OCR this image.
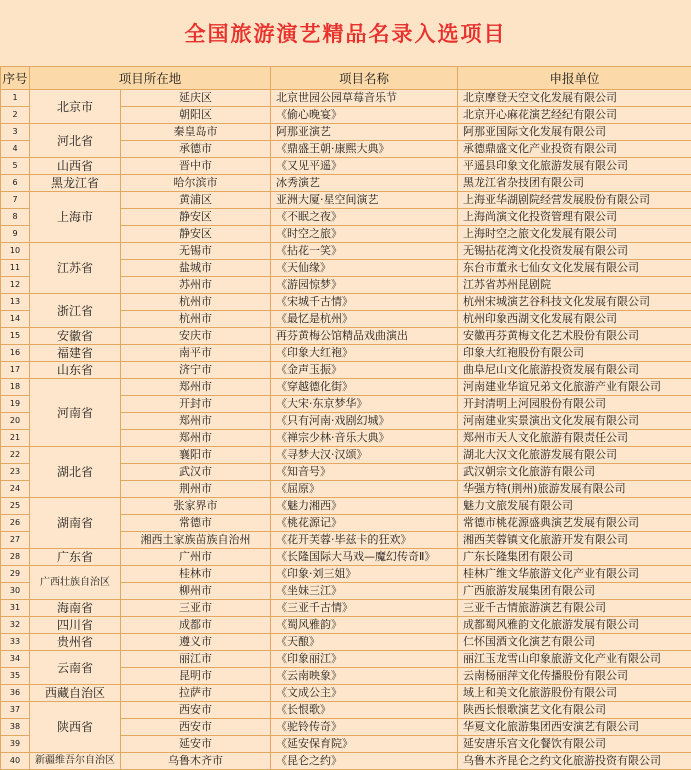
全国旅游演艺精品名录入选项目
序号	项目所在地		项目名称	申报单位
1	北京市	延庆区	北京世园公园草莓音乐节	北京摩登天空文化发展有限公司
2		朝阳区	《偷心晚宴》	北京开心麻花演艺经纪有限公司
3	河北省	秦皇岛市	阿那亚演艺	阿那亚国际文化发展有限公司
4		承德市	《鼎盛王朝·康熙大典》	承德鼎盛文化产业投资有限公司
5	山西省	晋中市	《又见平遥》	平遥县印象文化旅游发展有限公司
6	黑龙江省	哈尔滨市	冰秀演艺	黑龙江省杂技团有限公司
7	上海市	黄浦区	亚洲大厦·星空间演艺	上海亚华湖剧院经营发展股份有限公司
8		静安区	《不眠之夜》	上海尚演文化投资管理有限公司
9		静安区	《时空之旅》	上海时空之旅文化发展有限公司
10	江苏省	无锡市	《拈花一笑》	无锡拈花湾文化投资发展有限公司
11		盐城市	《天仙缘》	东台市董永七仙女文化发展有限公司
12		苏州市	《游园惊梦》	江苏省苏州昆剧院
13	浙江省	杭州市	《宋城千古情》	杭州宋城演艺谷科技文化发展有限公司
14		杭州市	《最忆是杭州》	杭州印象西湖文化发展有限公司
15	安徽省	安庆市	再芬黄梅公馆精品戏曲演出	安徽再芬黄梅文化艺术股份有限公司
16	福建省	南平市	《印象大红袍》	印象大红袍股份有限公司
17	山东省	济宁市	《金声玉振》	曲阜尼山文化旅游投资发展有限公司
18	河南省	郑州市	《穿越德化街》	河南建业华谊兄弟文化旅游产业有限公司
19		开封市	《大宋·东京梦华》	开封清明上河园股份有限公司
20		郑州市	《只有河南·戏剧幻城》	河南建业实景演出文化发展有限公司
21		郑州市	《禅宗少林·音乐大典》	郑州市天人文化旅游有限责任公司
22	湖北省	襄阳市	《寻梦大汉·汉颂》	湖北大汉文化旅游发展有限公司
23		武汉市	《知音号》	武汉朝宗文化旅游有限公司
24		荆州市	《屈原》	华强方特(荆州)旅游发展有限公司
25	湖南省	张家界市	《魅力湘西》	魅力文旅发展有限公司
26		常德市	《桃花源记》	常德市桃花源盛典演艺发展有限公司
27		湘西土家族苗族自治州	《花开芙蓉·毕兹卡的狂欢》	湘西芙蓉镇文化旅游开发有限公司
28	广东省	广州市	《长隆国际大马戏—魔幻传奇Ⅱ》	广东长隆集团有限公司
29	广西壮族自治区	桂林市	《印象·刘三姐》	桂林广维文华旅游文化产业有限公司
30		柳州市	《坐妹三江》	广西旅游发展集团有限公司
31	海南省	三亚市	《三亚千古情》	三亚千古情旅游演艺有限公司
32	四川省	成都市	《蜀风雅韵》	成都蜀风雅韵文化旅游发展有限公司
33	贵州省	遵义市	《天酿》	仁怀国酒文化演艺有限公司
34	云南省	丽江市	《印象丽江》	丽江玉龙雪山印象旅游文化产业有限公司
35		昆明市	《云南映象》	云南杨丽萍文化传播股份有限公司
36	西藏自治区	拉萨市	《文成公主》	域上和美文化旅游股份有限公司
37	陕西省	西安市	《长恨歌》	陕西长恨歌演艺文化有限公司
38		西安市	《驼铃传奇》	华夏文化旅游集团西安演艺有限公司
39		延安市	《延安保育院》	延安唐乐宫文化餐饮有限公司
40	新疆维吾尔自治区	乌鲁木齐市	《昆仑之约》	乌鲁木齐昆仑之约文化旅游投资有限公司
